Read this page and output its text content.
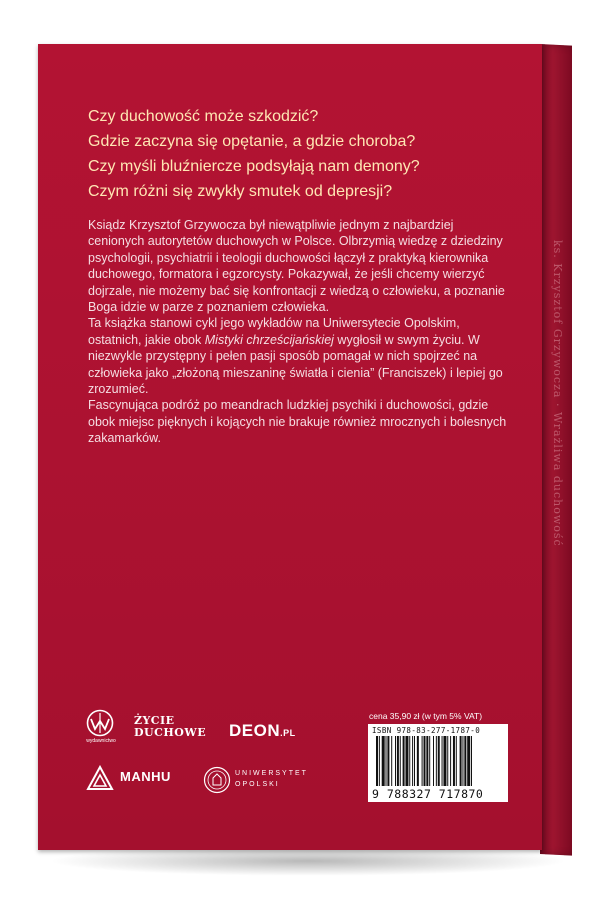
ks. Krzysztof Grzywocza · Wrażliwa duchowość
Czy duchowość może szkodzić?
Gdzie zaczyna się opętanie, a gdzie choroba?
Czy myśli bluźniercze podsyłają nam demony?
Czym różni się zwykły smutek od depresji?

Ksiądz Krzysztof Grzywocza był niewątpliwie jednym z najbardziej cenionych autorytetów duchowych w Polsce. Olbrzymią wiedzę z dziedziny psychologii, psychiatrii i teologii duchowości łączył z praktyką kierownika duchowego, formatora i egzorcysty. Pokazywał, że jeśli chcemy wierzyć dojrzale, nie możemy bać się konfrontacji z wiedzą o człowieku, a poznanie Boga idzie w parze z poznaniem człowieka.

Ta książka stanowi cykl jego wykładów na Uniwersytecie Opolskim, ostatnich, jakie obok Mistyki chrześcijańskiej wygłosił w swym życiu. W niezwykle przystępny i pełen pasji sposób pomagał w nich spojrzeć na człowieka jako „złożoną mieszaninę światła i cienia” (Franciszek) i lepiej go zrozumieć.

Fascynująca podróż po meandrach ludzkiej psychiki i duchowości, gdzie obok miejsc pięknych i kojących nie brakuje również mrocznych i bolesnych zakamarków.

wydawnictwo
ŻYCIE
DUCHOWE DEON.PL
MANHU	UNIWERSYTET
OPOLSKI
cena 35,90 zł (w tym 5% VAT)
ISBN 978-83-277-1787-0
9 788327 717870
